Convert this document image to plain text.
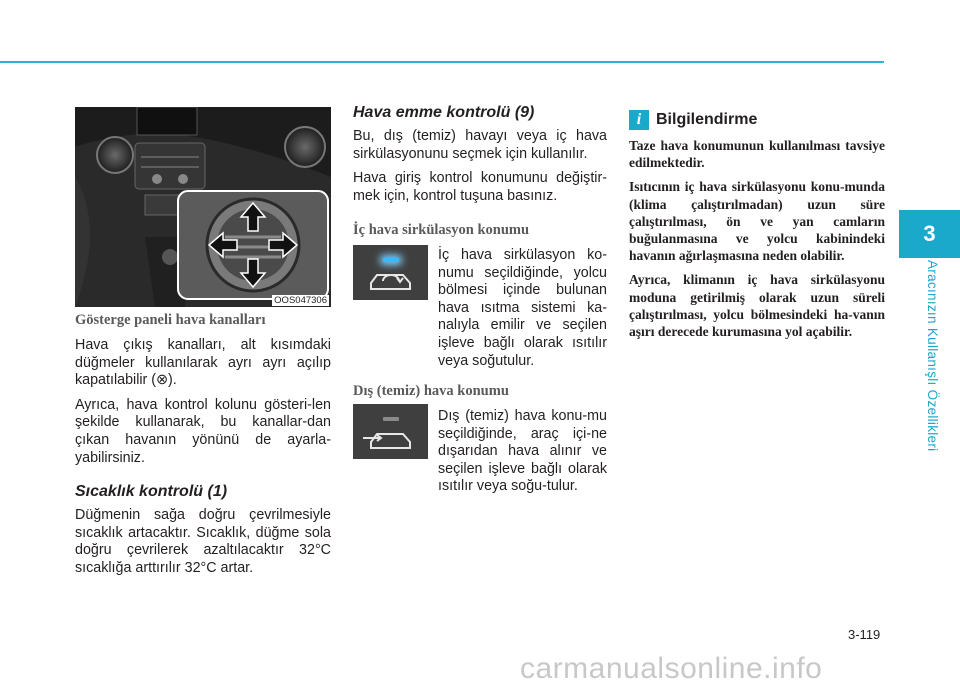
OOS047306
Gösterge paneli hava kanalları

Hava çıkış kanalları, alt kısımdaki düğmeler kullanılarak ayrı ayrı açılıp kapatılabilir (⊗).

Ayrıca, hava kontrol kolunu gösteri-len şekilde kullanarak, bu kanallar-dan çıkan havanın yönünü de ayarla-yabilirsiniz.

Sıcaklık kontrolü (1)

Düğmenin sağa doğru çevrilmesiyle sıcaklık artacaktır. Sıcaklık, düğme sola doğru çevrilerek azaltılacaktır 32°C sıcaklığa arttırılır 32°C artar.

Hava emme kontrolü (9)

Bu, dış (temiz) havayı veya iç hava sirkülasyonunu seçmek için kullanılır.

Hava giriş kontrol konumunu değiştir-mek için, kontrol tuşuna basınız.

İç hava sirkülasyon konumu

İç hava sirkülasyon ko-numu seçildiğinde, yolcu bölmesi içinde bulunan hava ısıtma sistemi ka-nalıyla emilir ve seçilen işleve bağlı olarak ısıtılır veya soğutulur.

Dış (temiz) hava konumu

Dış (temiz) hava konu-mu seçildiğinde, araç içi-ne dışarıdan hava alınır ve seçilen işleve bağlı olarak ısıtılır veya soğu-tulur.

i Bilgilendirme

Taze hava konumunun kullanılması tavsiye edilmektedir.

Isıtıcının iç hava sirkülasyonu konu-munda (klima çalıştırılmadan) uzun süre çalıştırılması, ön ve yan camların buğulanmasına ve yolcu kabinindeki havanın ağırlaşmasına neden olabilir.

Ayrıca, klimanın iç hava sirkülasyonu moduna getirilmiş olarak uzun süreli çalıştırılması, yolcu bölmesindeki ha-vanın aşırı derecede kurumasına yol açabilir.

3
Aracınızın Kullanışlı Özellikleri
3-119
carmanualsonline.info
